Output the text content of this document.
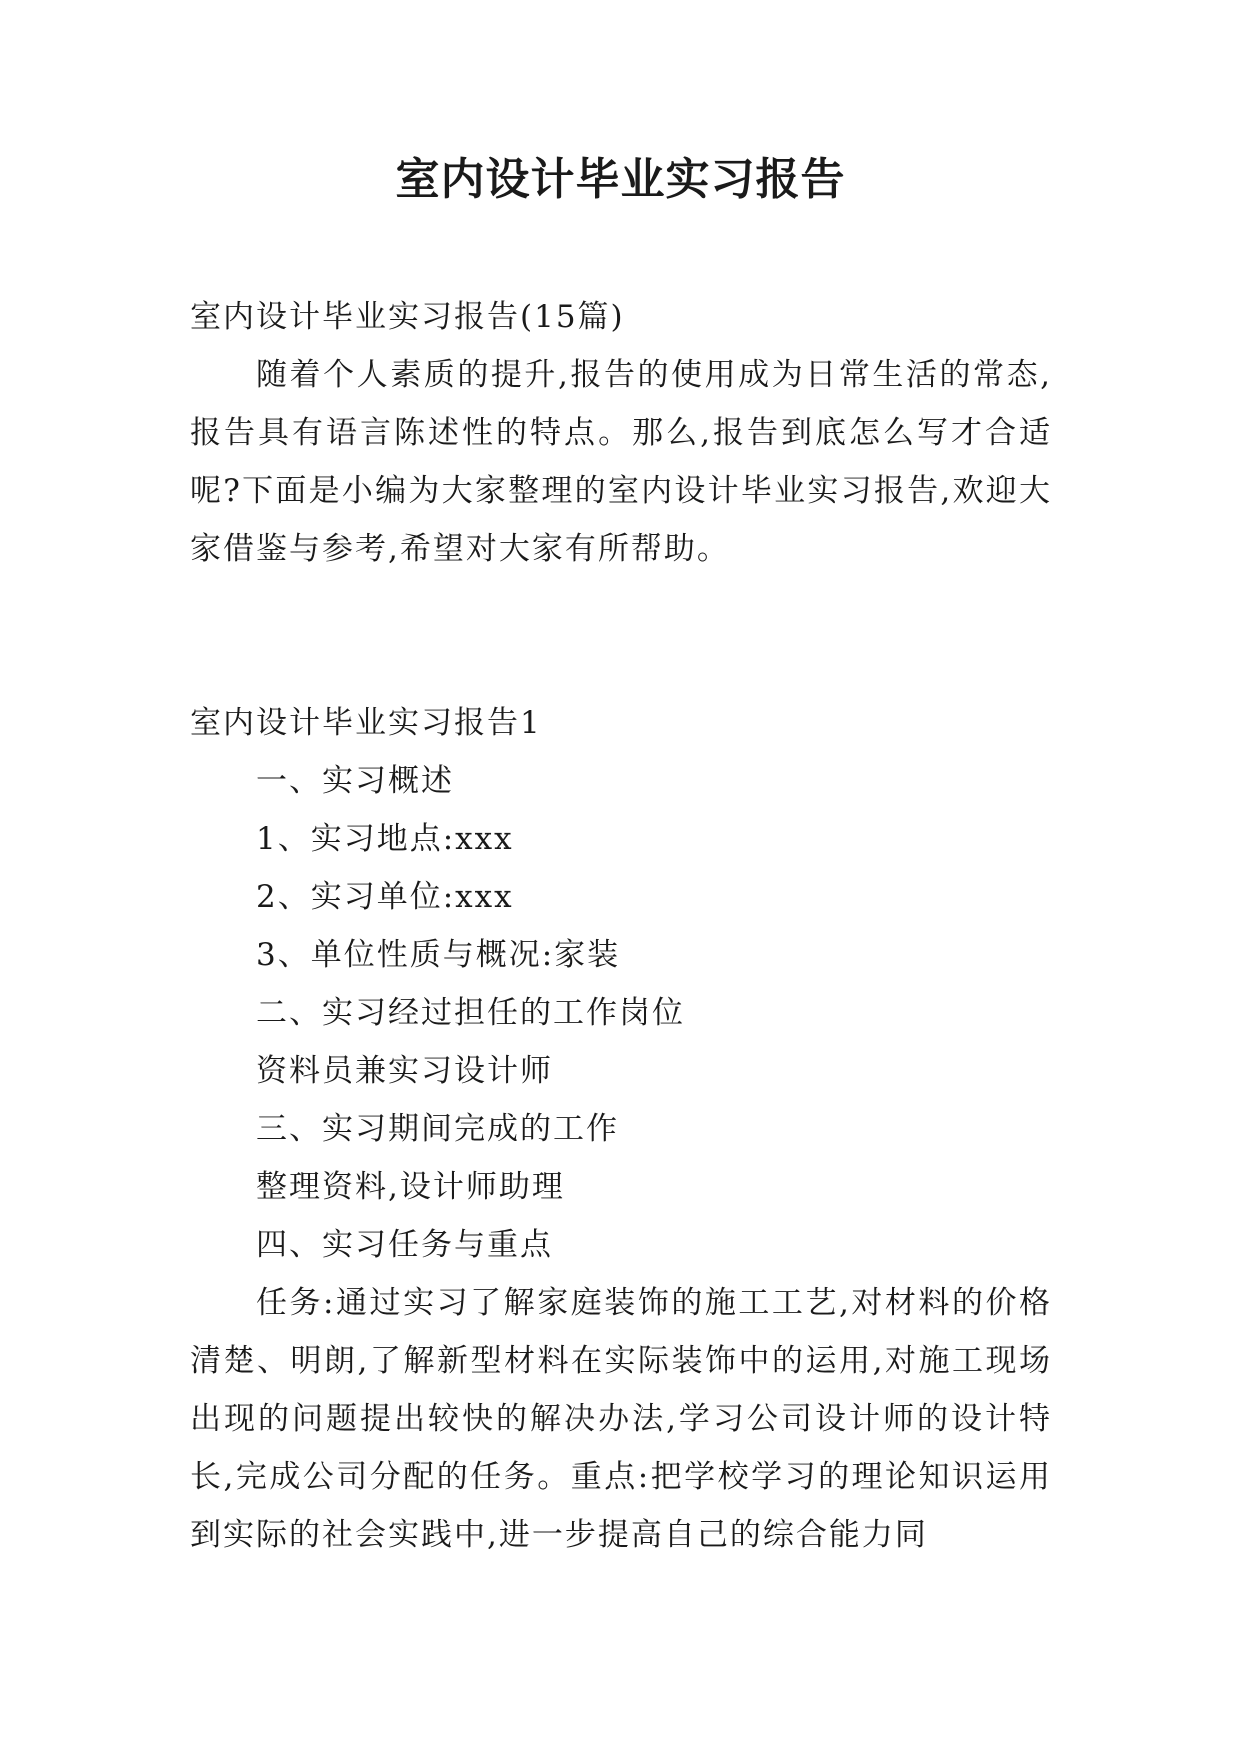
室内设计毕业实习报告

室内设计毕业实习报告(15篇)

随着个人素质的提升,报告的使用成为日常生活的常态,报告具有语言陈述性的特点。那么,报告到底怎么写才合适呢?下面是小编为大家整理的室内设计毕业实习报告,欢迎大家借鉴与参考,希望对大家有所帮助。

室内设计毕业实习报告1

一、实习概述

1、实习地点:xxx

2、实习单位:xxx

3、单位性质与概况:家装

二、实习经过担任的工作岗位

资料员兼实习设计师

三、实习期间完成的工作

整理资料,设计师助理

四、实习任务与重点

任务:通过实习了解家庭装饰的施工工艺,对材料的价格清楚、明朗,了解新型材料在实际装饰中的运用,对施工现场出现的问题提出较快的解决办法,学习公司设计师的设计特长,完成公司分配的任务。重点:把学校学习的理论知识运用到实际的社会实践中,进一步提高自己的综合能力同
